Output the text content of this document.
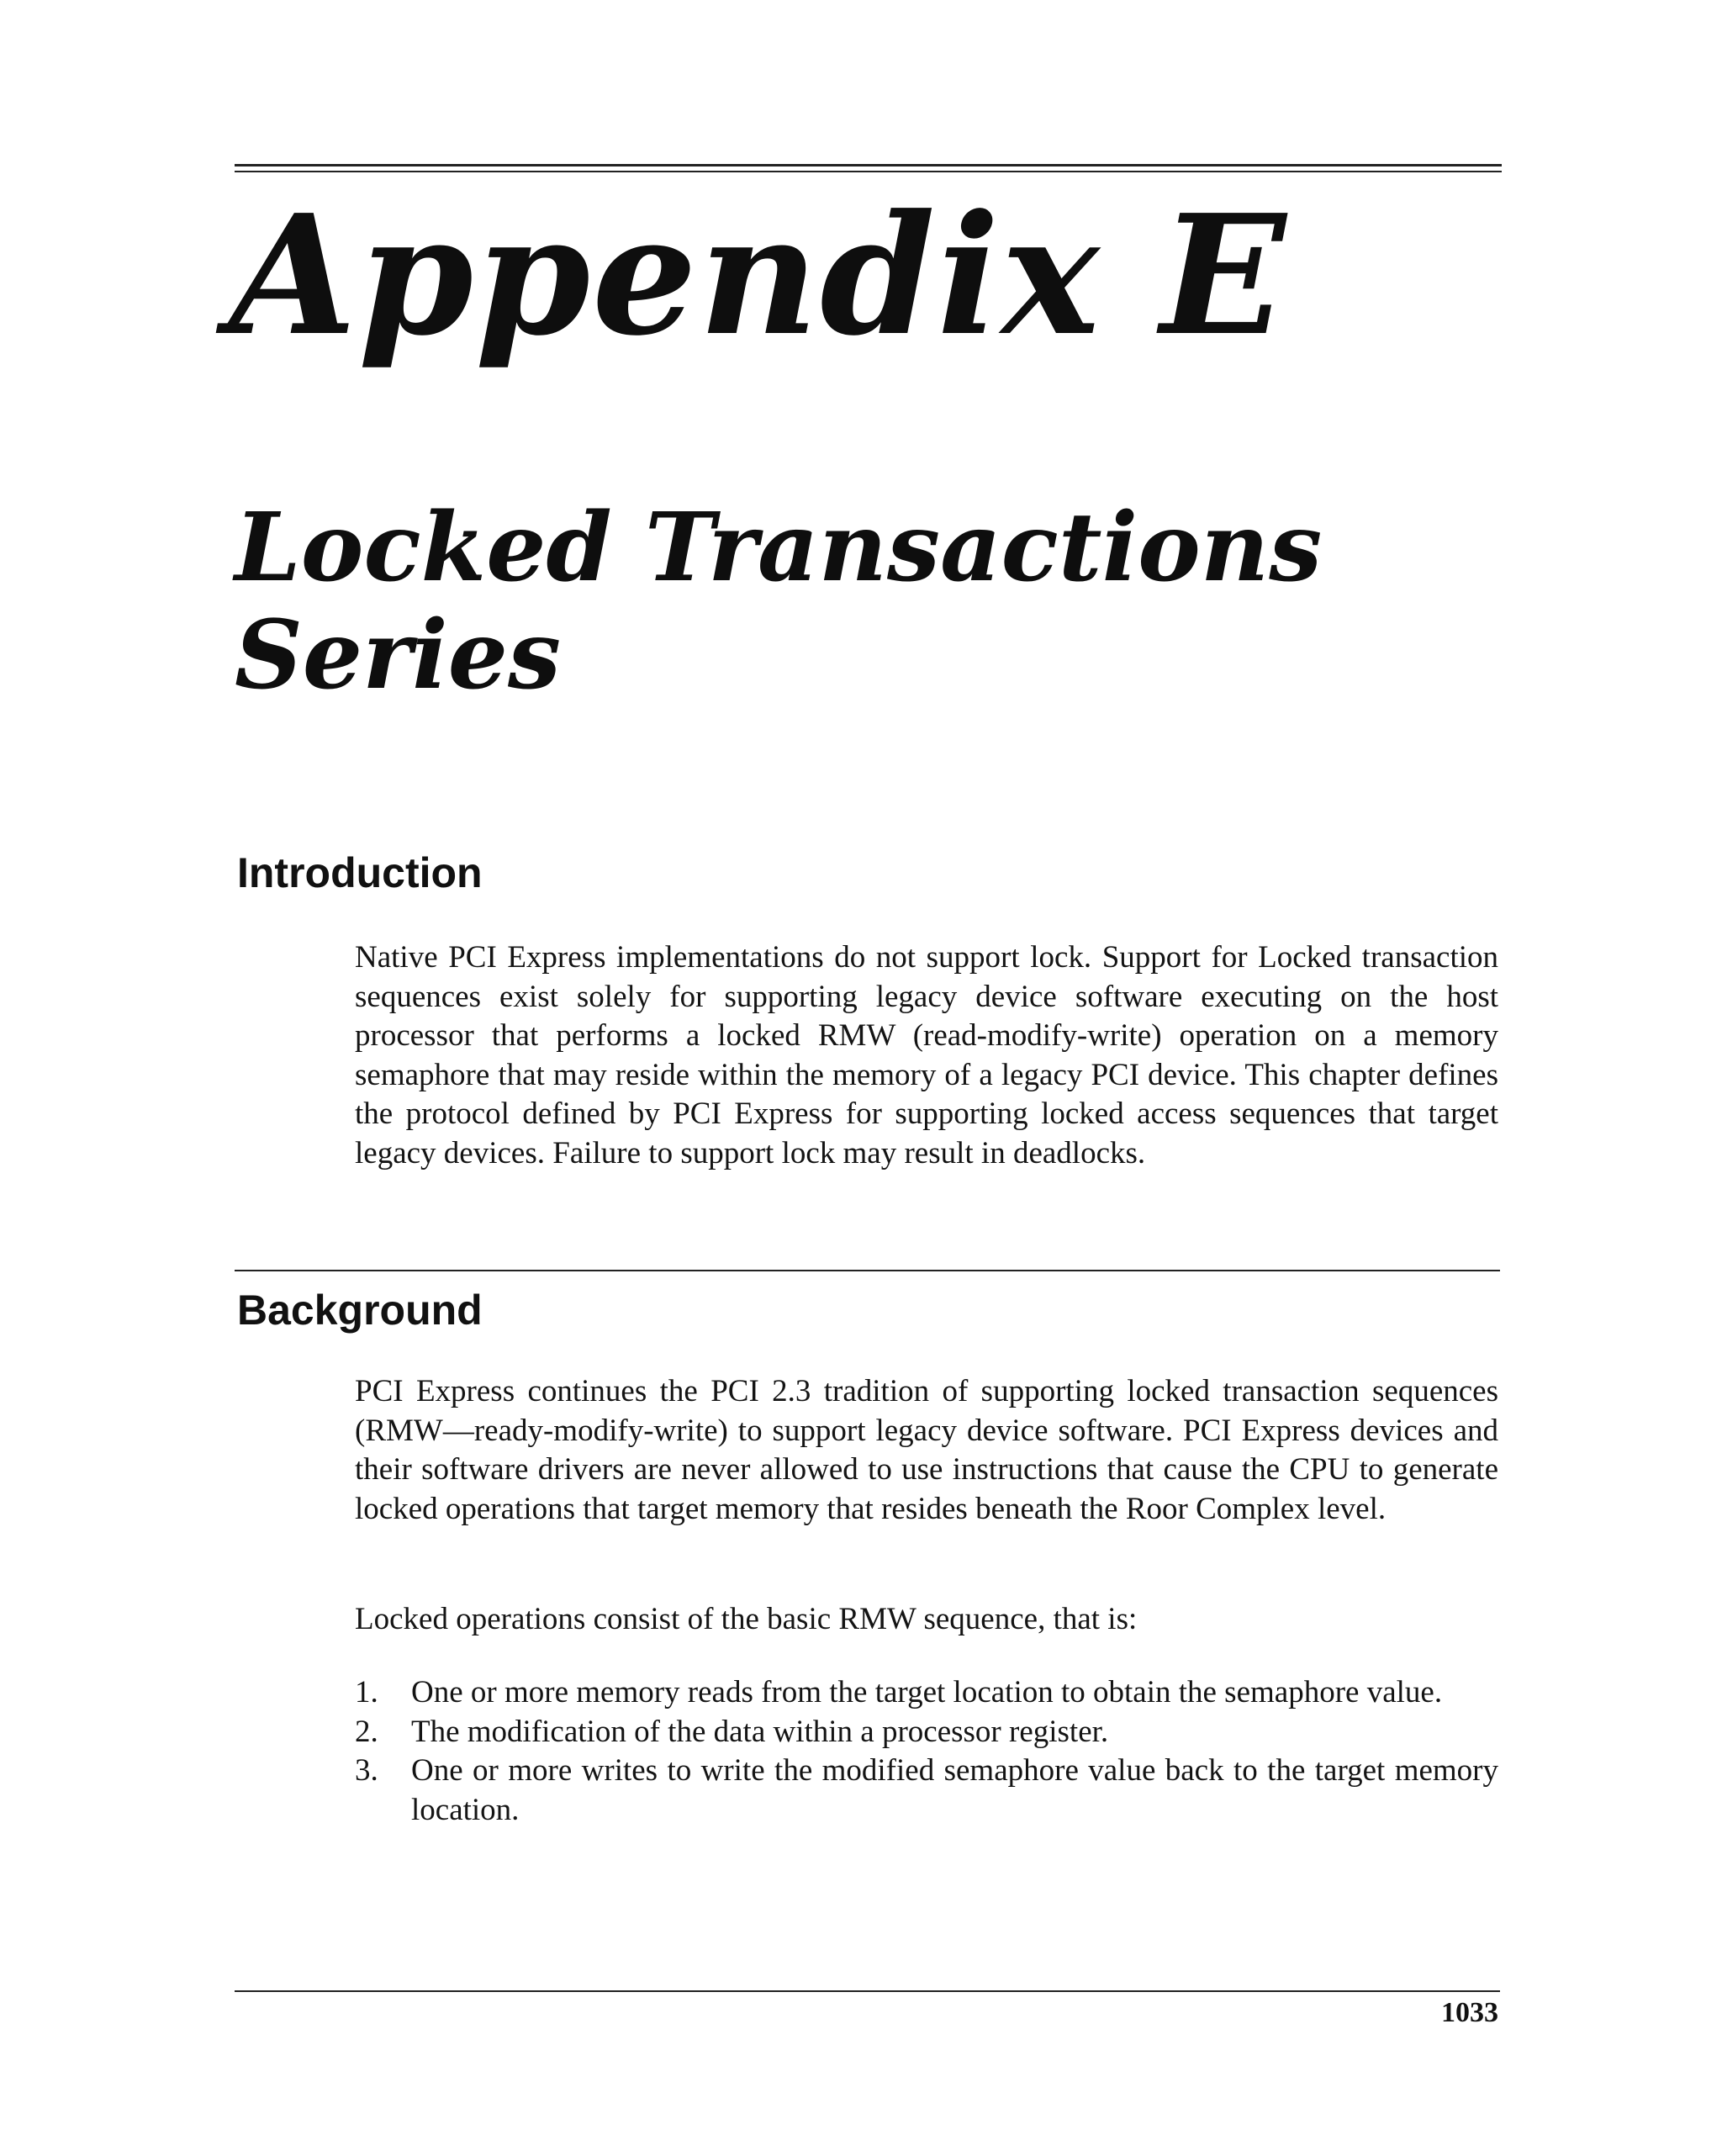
Appendix E
Locked Transactions
Series
Introduction

Native PCI Express implementations do not support lock. Support for Locked transaction sequences exist solely for supporting legacy device software executing on the host processor that performs a locked RMW (read-modify-write) operation on a memory semaphore that may reside within the memory of a legacy PCI device. This chapter defines the protocol defined by PCI Express for supporting locked access sequences that target legacy devices. Failure to support lock may result in deadlocks.

Background

PCI Express continues the PCI 2.3 tradition of supporting locked transaction sequences (RMW—ready-modify-write) to support legacy device software. PCI Express devices and their software drivers are never allowed to use instructions that cause the CPU to generate locked operations that target memory that resides beneath the Roor Complex level.

Locked operations consist of the basic RMW sequence, that is:

1. One or more memory reads from the target location to obtain the semaphore value.
2. The modification of the data within a processor register.
3. One or more writes to write the modified semaphore value back to the target memory location.

1033
